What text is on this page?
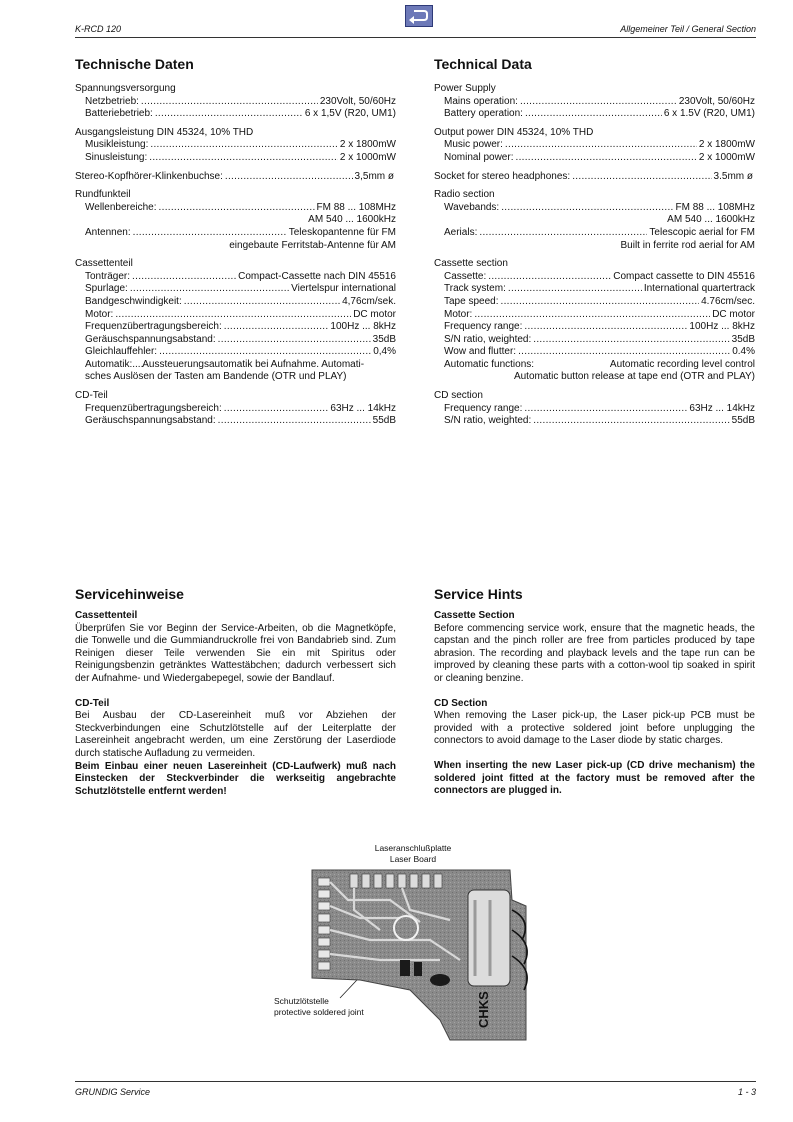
K-RCD 120	Allgemeiner Teil / General Section
Technische Daten
Spannungsversorgung
Netzbetrieb: .....	230Volt, 50/60Hz
Batteriebetrieb: .....	6 x 1,5V (R20, UM1)
Ausgangsleistung DIN 45324, 10% THD
Musikleistung: .....	2 x 1800mW
Sinusleistung: .....	2 x 1000mW
Stereo-Kopfhörer-Klinkenbuchse: .....	3,5mm ø
Rundfunkteil
Wellenbereiche: .....	FM 88 ... 108MHz
AM 540 ... 1600kHz
Antennen: .....	Teleskopantenne für FM
eingebaute Ferritstab-Antenne für AM
Cassettenteil
Tonträger: .....	Compact-Cassette nach DIN 45516
Spurlage: .....	Viertelspur international
Bandgeschwindigkeit: .....	4,76cm/sek.
Motor: .....	DC motor
Frequenzübertragungsbereich: .....	100Hz ... 8kHz
Geräuschspannungsabstand: .....	35dB
Gleichlauffehler: .....	0,4%
Automatik: ....
Aussteuerungsautomatik bei Aufnahme. Automati-
sches Auslösen der Tasten am Bandende (OTR und PLAY)
CD-Teil
Frequenzübertragungsbereich: .....	63Hz ... 14kHz
Geräuschspannungsabstand: .....	55dB
Technical Data
Power Supply
Mains operation: .....	230Volt, 50/60Hz
Battery operation: .....	6 x 1.5V (R20, UM1)
Output power DIN 45324, 10% THD
Music power: .....	2 x 1800mW
Nominal power: .....	2 x 1000mW
Socket for stereo headphones: .....	3.5mm ø
Radio section
Wavebands: .....	FM 88 ... 108MHz
AM 540 ... 1600kHz
Aerials: .....	Telescopic aerial for FM
Built in ferrite rod aerial for AM
Cassette section
Cassette: .....	Compact cassette to DIN 45516
Track system: .....	International quartertrack
Tape speed: .....	4.76cm/sec.
Motor: .....	DC motor
Frequency range: .....	100Hz ... 8kHz
S/N ratio, weighted: .....	35dB
Wow and flutter: .....	0.4%
Automatic functions:	Automatic recording level control
Automatic button release at tape end (OTR and PLAY)
CD section
Frequency range: .....	63Hz ... 14kHz
S/N ratio, weighted: .....	55dB
Servicehinweise
Cassettenteil
Überprüfen Sie vor Beginn der Service-Arbeiten, ob die Magnetköpfe, die Tonwelle und die Gummiandruckrolle frei von Bandabrieb sind. Zum Reinigen dieser Teile verwenden Sie ein mit Spiritus oder Reinigungsbenzin getränktes Wattestäbchen; dadurch verbessert sich der Aufnahme- und Wiedergabepegel, sowie der Bandlauf.
CD-Teil
Bei Ausbau der CD-Lasereinheit muß vor Abziehen der Steckverbindungen eine Schutzlötstelle auf der Leiterplatte der Lasereinheit angebracht werden, um eine Zerstörung der Laserdiode durch statische Aufladung zu vermeiden.
Beim Einbau einer neuen Lasereinheit (CD-Laufwerk) muß nach Einstecken der Steckverbinder die werkseitig angebrachte Schutzlötstelle entfernt werden!
Service Hints
Cassette Section
Before commencing service work, ensure that the magnetic heads, the capstan and the pinch roller are free from particles produced by tape abrasion. The recording and playback levels and the tape run can be improved by cleaning these parts with a cotton-wool tip soaked in spirit or cleaning benzine.
CD Section
When removing the Laser pick-up, the Laser pick-up PCB must be provided with a protective soldered joint before unplugging the connectors to avoid damage to the Laser diode by static charges.
When inserting the new Laser pick-up (CD drive mechanism) the soldered joint fitted at the factory must be removed after the connectors are plugged in.
Laseranschlußplatte
Laser Board
Schutzlötstelle
protective soldered joint	CHKS
GRUNDIG Service	1 - 3
